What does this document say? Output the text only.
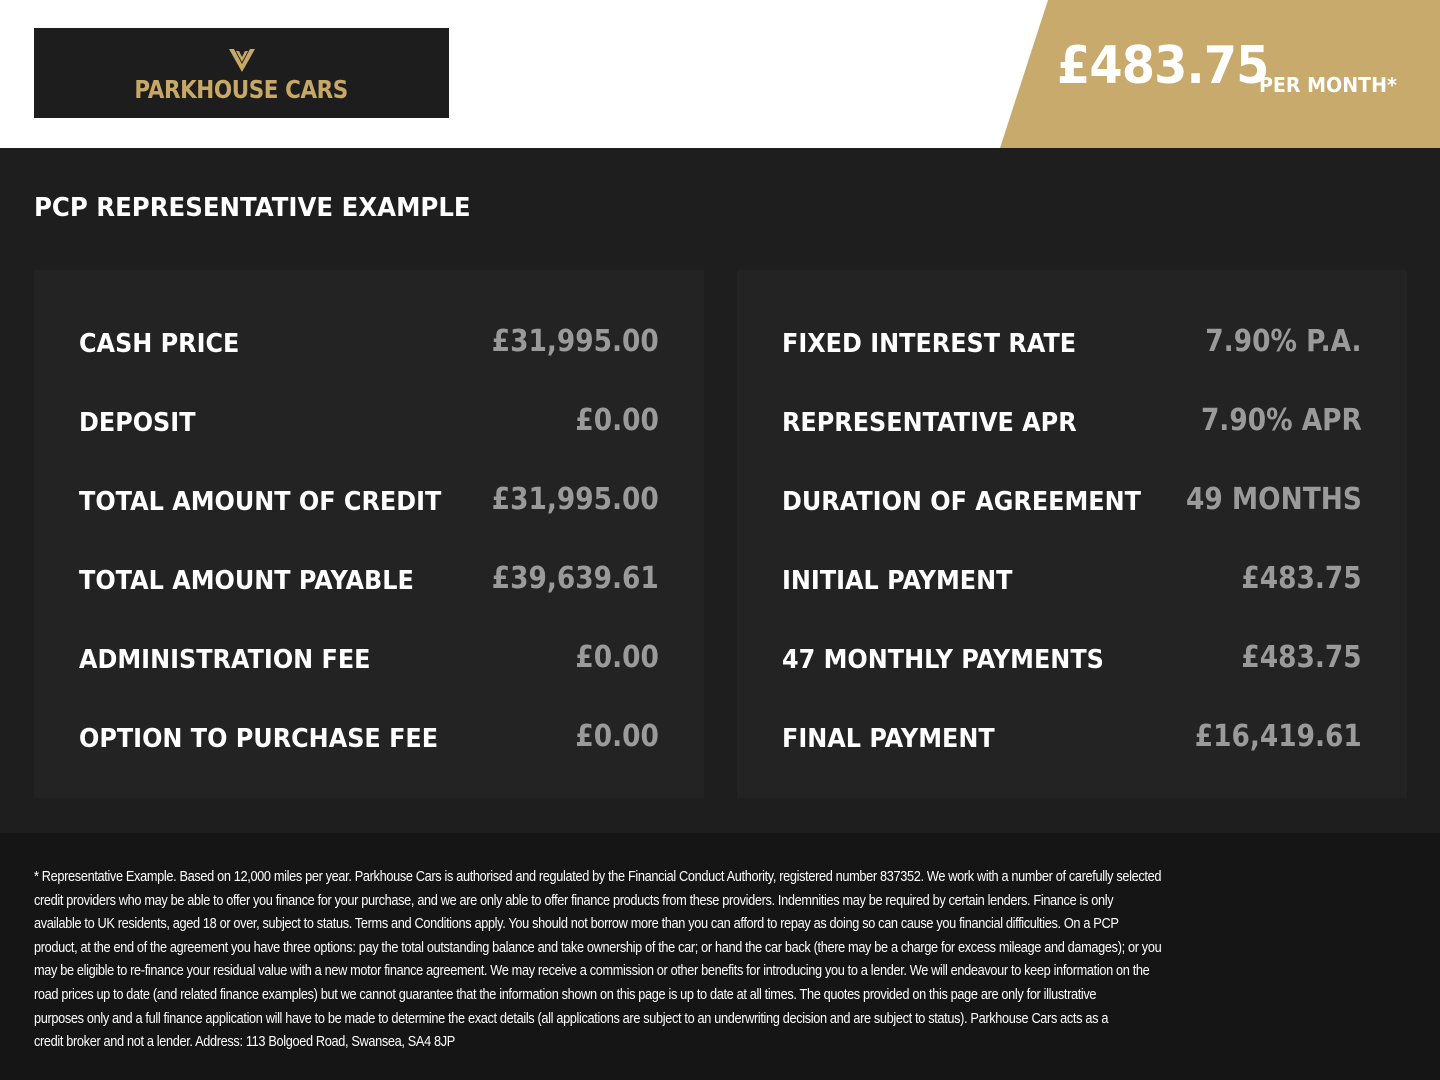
PARKHOUSE CARS	£483.75
PER MONTH*
PCP REPRESENTATIVE EXAMPLE
CASH PRICE	£31,995.00
DEPOSIT	£0.00
TOTAL AMOUNT OF CREDIT £31,995.00
TOTAL AMOUNT PAYABLE	£39,639.61
ADMINISTRATION FEE	£0.00
OPTION TO PURCHASE FEE	£0.00
FIXED INTEREST RATE	7.90% P.A.
REPRESENTATIVE APR	7.90% APR
DURATION OF AGREEMENT 49 MONTHS
INITIAL PAYMENT	£483.75
47 MONTHLY PAYMENTS	£483.75
FINAL PAYMENT	£16,419.61
* Representative Example. Based on 12,000 miles per year. Parkhouse Cars is authorised and regulated by the Financial Conduct Authority, registered number 837352. We work with a number of carefully selected
credit providers who may be able to offer you finance for your purchase, and we are only able to offer finance products from these providers. Indemnities may be required by certain lenders. Finance is only
available to UK residents, aged 18 or over, subject to status. Terms and Conditions apply. You should not borrow more than you can afford to repay as doing so can cause you financial difficulties. On a PCP
product, at the end of the agreement you have three options: pay the total outstanding balance and take ownership of the car; or hand the car back (there may be a charge for excess mileage and damages); or you
may be eligible to re-finance your residual value with a new motor finance agreement. We may receive a commission or other benefits for introducing you to a lender. We will endeavour to keep information on the
road prices up to date (and related finance examples) but we cannot guarantee that the information shown on this page is up to date at all times. The quotes provided on this page are only for illustrative
purposes only and a full finance application will have to be made to determine the exact details (all applications are subject to an underwriting decision and are subject to status). Parkhouse Cars acts as a
credit broker and not a lender. Address: 113 Bolgoed Road, Swansea, SA4 8JP
